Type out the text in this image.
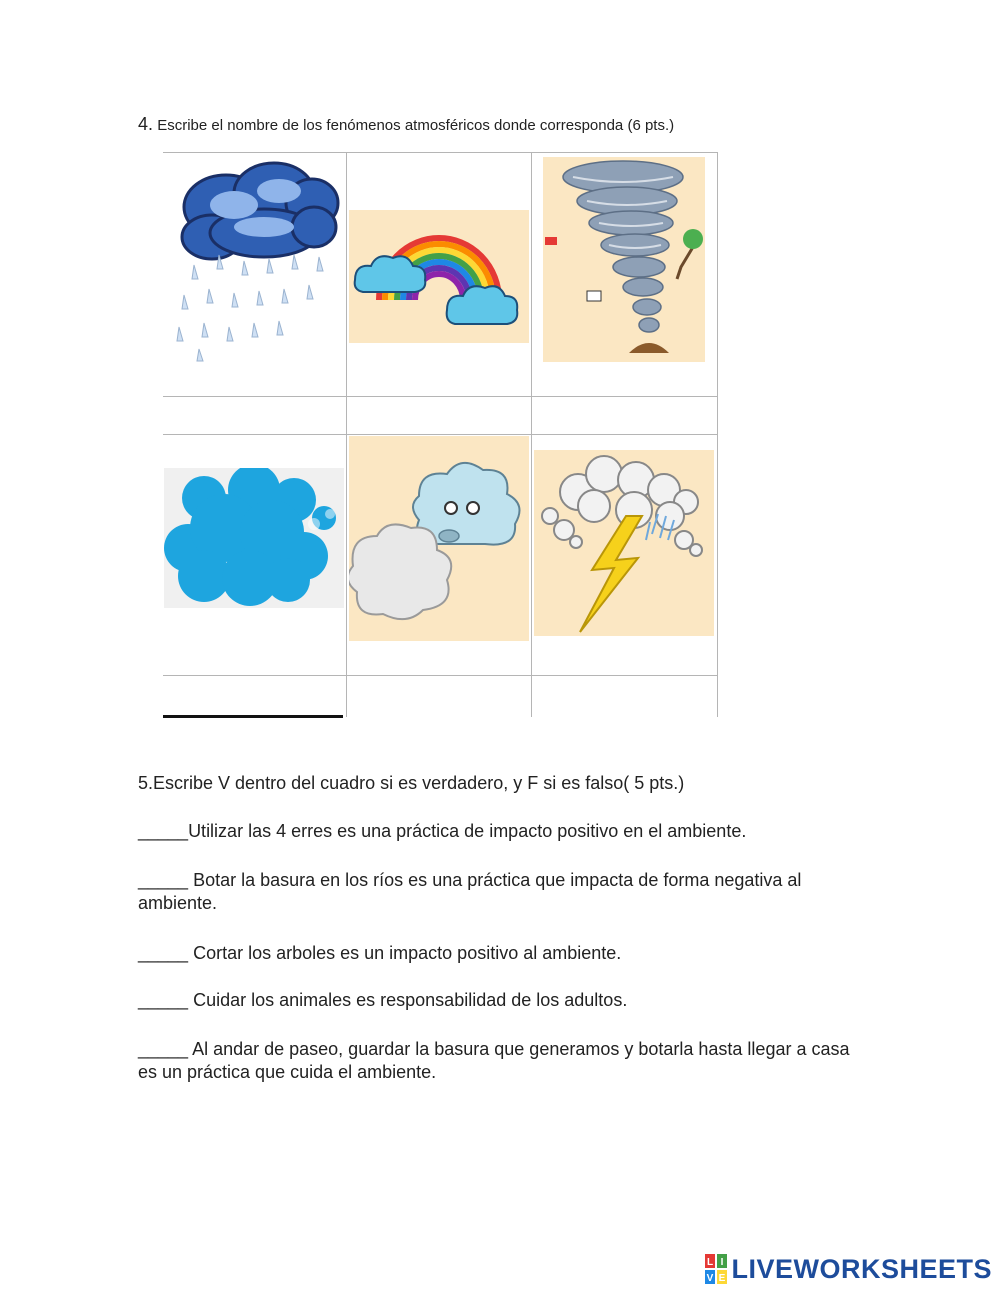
4. Escribe el nombre de los fenómenos atmosféricos donde corresponda (6 pts.)
5.Escribe V dentro del cuadro si es verdadero, y F si es falso( 5 pts.)
_____Utilizar las 4 erres es una práctica de impacto positivo en el ambiente.
_____ Botar la basura en los ríos es una práctica que impacta de forma negativa al ambiente.
_____ Cortar los arboles es un impacto positivo al ambiente.
_____ Cuidar los animales es responsabilidad de los adultos.
_____ Al andar de paseo, guardar la basura que generamos y botarla hasta llegar a casa es un práctica que cuida el ambiente.
L I
V E LIVEWORKSHEETS
